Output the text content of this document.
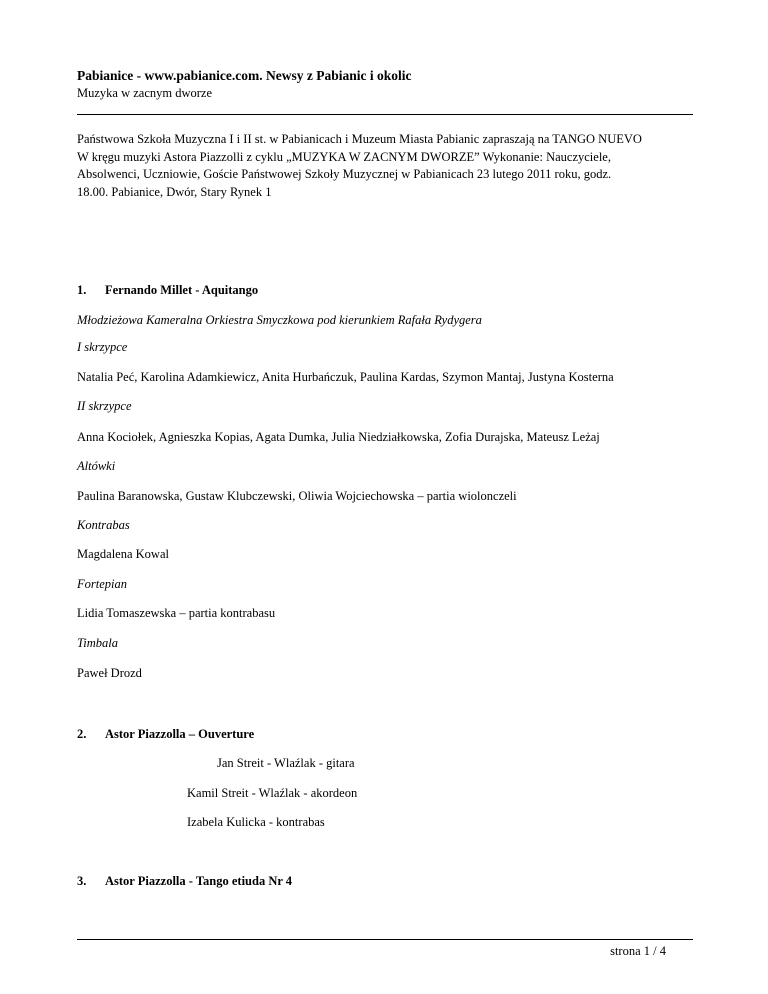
Pabianice - www.pabianice.com. Newsy z Pabianic i okolic
Muzyka w zacnym dworze
Państwowa Szkoła Muzyczna I i II st. w Pabianicach i Muzeum Miasta Pabianic zapraszają na TANGO NUEVO
W kręgu muzyki Astora Piazzolli z cyklu „MUZYKA W ZACNYM DWORZE” Wykonanie: Nauczyciele,
Absolwenci, Uczniowie, Goście Państwowej Szkoły Muzycznej w Pabianicach 23 lutego 2011 roku, godz.
18.00. Pabianice, Dwór, Stary Rynek 1
1. Fernando Millet - Aquitango
Młodzieżowa Kameralna Orkiestra Smyczkowa pod kierunkiem Rafała Rydygera
I skrzypce
Natalia Peć, Karolina Adamkiewicz, Anita Hurbańczuk, Paulina Kardas, Szymon Mantaj, Justyna Kosterna
II skrzypce
Anna Kociołek, Agnieszka Kopias, Agata Dumka, Julia Niedziałkowska, Zofia Durajska, Mateusz Leżaj
Altówki
Paulina Baranowska, Gustaw Klubczewski, Oliwia Wojciechowska – partia wiolonczeli
Kontrabas
Magdalena Kowal
Fortepian
Lidia Tomaszewska – partia kontrabasu
Timbala
Paweł Drozd
2. Astor Piazzolla – Ouverture
Jan Streit - Wlaźlak - gitara
Kamil Streit - Wlaźlak - akordeon
Izabela Kulicka - kontrabas
3. Astor Piazzolla - Tango etiuda Nr 4
strona 1 / 4
